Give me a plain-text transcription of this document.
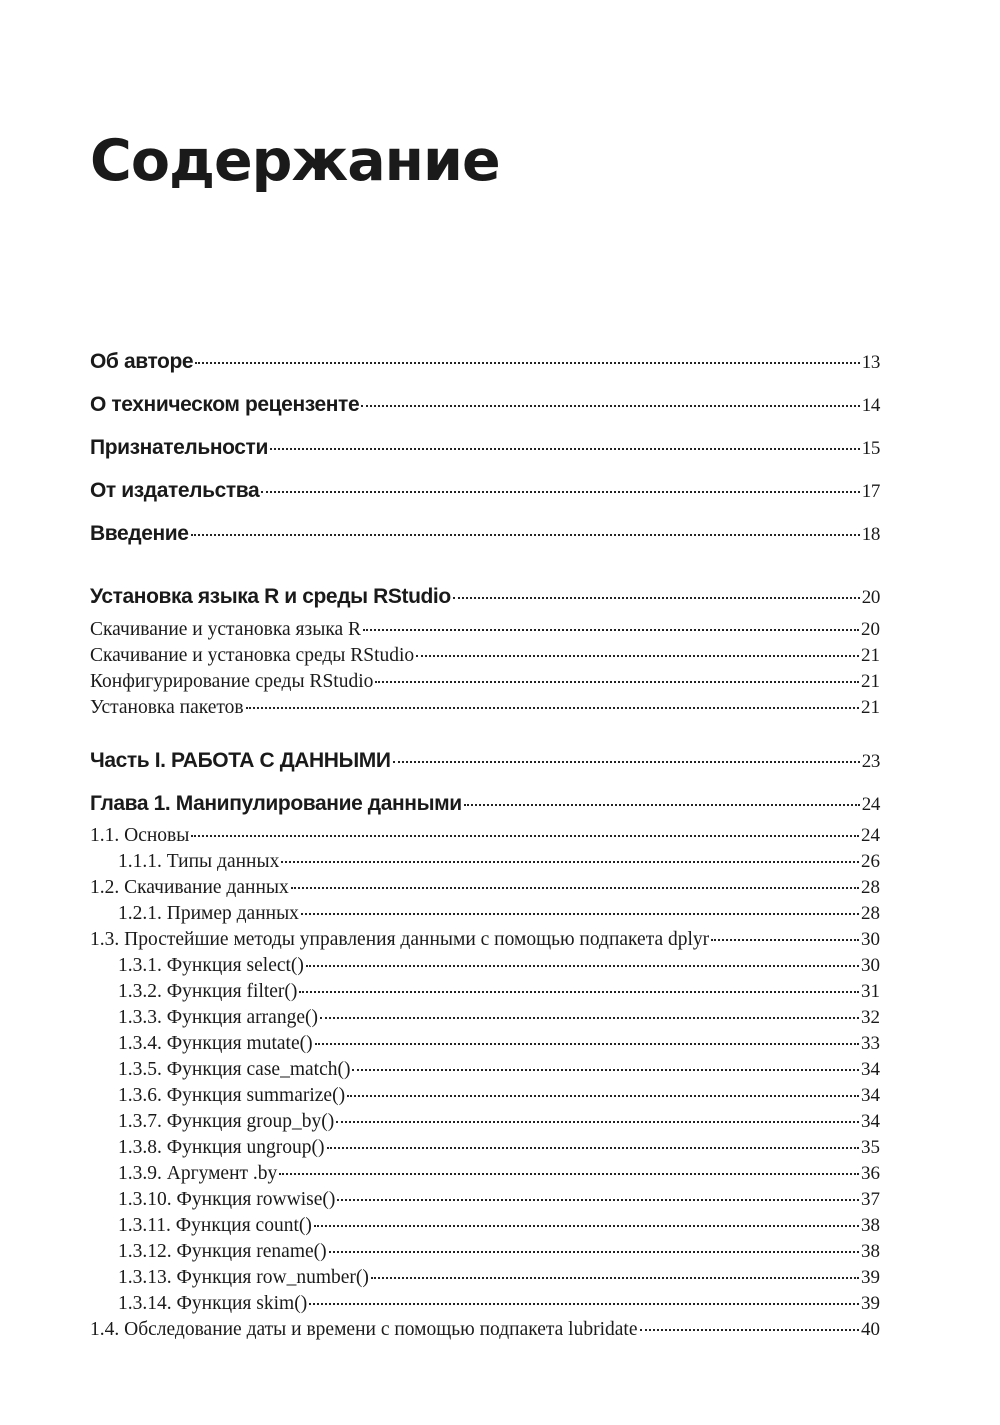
Содержание
Об авторе	13
О техническом рецензенте	14
Признательности	15
От издательства	17
Введение	18
Установка языка R и среды RStudio	20
Скачивание и установка языка R	20
Скачивание и установка среды RStudio	21
Конфигурирование среды RStudio	21
Установка пакетов	21
Часть I. РАБОТА С ДАННЫМИ	23
Глава 1. Манипулирование данными	24
1.1. Основы	24
1.1.1. Типы данных	26
1.2. Скачивание данных	28
1.2.1. Пример данных	28
1.3. Простейшие методы управления данными с помощью подпакета dplyr	30
1.3.1. Функция select()	30
1.3.2. Функция filter()	31
1.3.3. Функция arrange()	32
1.3.4. Функция mutate()	33
1.3.5. Функция case_match()	34
1.3.6. Функция summarize()	34
1.3.7. Функция group_by()	34
1.3.8. Функция ungroup()	35
1.3.9. Аргумент .by	36
1.3.10. Функция rowwise()	37
1.3.11. Функция count()	38
1.3.12. Функция rename()	38
1.3.13. Функция row_number()	39
1.3.14. Функция skim()	39
1.4. Обследование даты и времени с помощью подпакета lubridate	40
